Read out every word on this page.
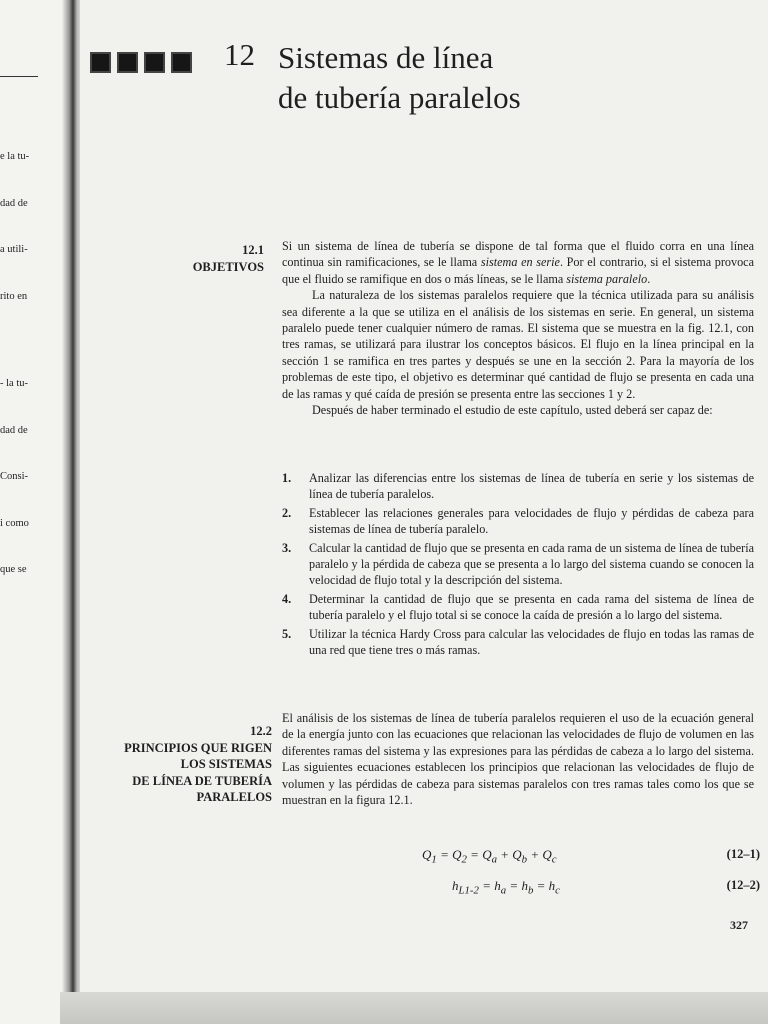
e la tu-

dad de

a utili-

rito en

- la tu-

dad de

Consi-

i como

que se

12 Sistemas de línea
de tubería paralelos
12.1
OBJETIVOS

Si un sistema de línea de tubería se dispone de tal forma que el fluido corra en una línea continua sin ramificaciones, se le llama sistema en serie. Por el contrario, si el sistema provoca que el fluido se ramifique en dos o más líneas, se le llama sistema paralelo.

La naturaleza de los sistemas paralelos requiere que la técnica utilizada para su análisis sea diferente a la que se utiliza en el análisis de los sistemas en serie. En general, un sistema paralelo puede tener cualquier número de ramas. El sistema que se muestra en la fig. 12.1, con tres ramas, se utilizará para ilustrar los conceptos básicos. El flujo en la línea principal en la sección 1 se ramifica en tres partes y después se une en la sección 2. Para la mayoría de los problemas de este tipo, el objetivo es determinar qué cantidad de flujo se presenta en cada una de las ramas y qué caída de presión se presenta entre las secciones 1 y 2.

Después de haber terminado el estudio de este capítulo, usted deberá ser capaz de:

1. Analizar las diferencias entre los sistemas de línea de tubería en serie y los sistemas de línea de tubería paralelos.
2. Establecer las relaciones generales para velocidades de flujo y pérdidas de cabeza para sistemas de línea de tubería paralelo.
3. Calcular la cantidad de flujo que se presenta en cada rama de un sistema de línea de tubería paralelo y la pérdida de cabeza que se presenta a lo largo del sistema cuando se conocen la velocidad de flujo total y la descripción del sistema.
4. Determinar la cantidad de flujo que se presenta en cada rama del sistema de línea de tubería paralelo y el flujo total si se conoce la caída de presión a lo largo del sistema.
5. Utilizar la técnica Hardy Cross para calcular las velocidades de flujo en todas las ramas de una red que tiene tres o más ramas.
12.2
PRINCIPIOS QUE RIGEN
LOS SISTEMAS
DE LÍNEA DE TUBERÍA
PARALELOS

El análisis de los sistemas de línea de tubería paralelos requieren el uso de la ecuación general de la energía junto con las ecuaciones que relacionan las velocidades de flujo de volumen en las diferentes ramas del sistema y las expresiones para las pérdidas de cabeza a lo largo del sistema. Las siguientes ecuaciones establecen los principios que relacionan las velocidades de flujo de volumen y las pérdidas de cabeza para sistemas paralelos con tres ramas tales como los que se muestran en la figura 12.1.

$Q_1 = Q_2 = Q_a + Q_b + Q_c$	(12–1)
$h_{L1-2} = h_a = h_b = h_c$	(12–2)
327
